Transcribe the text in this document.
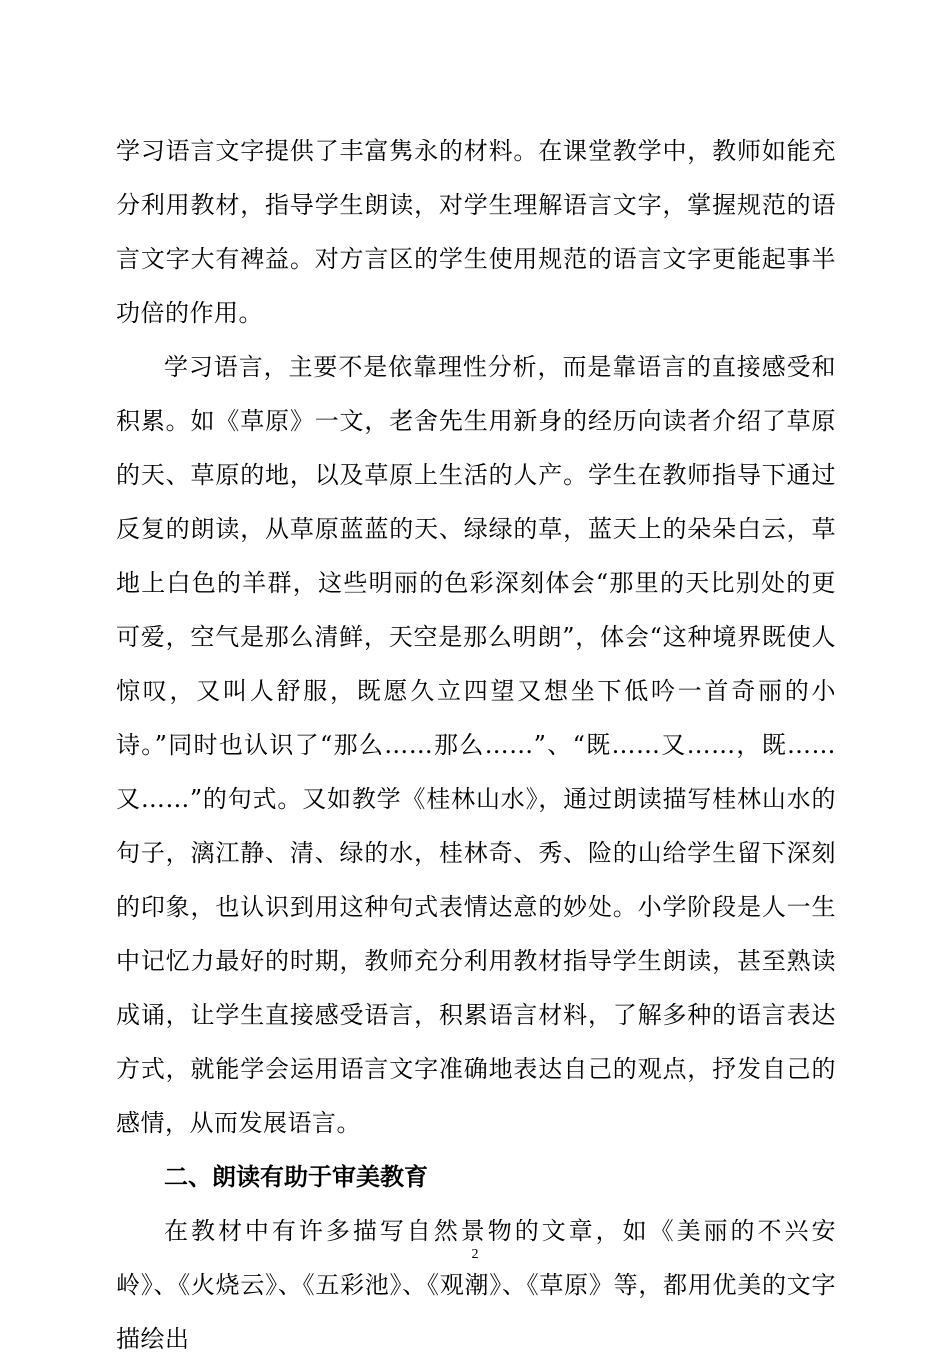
学习语言文字提供了丰富隽永的材料。在课堂教学中，教师如能充分利用教材，指导学生朗读，对学生理解语言文字，掌握规范的语言文字大有裨益。对方言区的学生使用规范的语言文字更能起事半功倍的作用。

学习语言，主要不是依靠理性分析，而是靠语言的直接感受和积累。如《草原》一文，老舍先生用新身的经历向读者介绍了草原的天、草原的地，以及草原上生活的人产。学生在教师指导下通过反复的朗读，从草原蓝蓝的天、绿绿的草，蓝天上的朵朵白云，草地上白色的羊群，这些明丽的色彩深刻体会“那里的天比别处的更可爱，空气是那么清鲜，天空是那么明朗”，体会“这种境界既使人惊叹，又叫人舒服，既愿久立四望又想坐下低吟一首奇丽的小诗。”同时也认识了“那么……那么……”、“既……又……，既……又……”的句式。又如教学《桂林山水》，通过朗读描写桂林山水的句子，漓江静、清、绿的水，桂林奇、秀、险的山给学生留下深刻的印象，也认识到用这种句式表情达意的妙处。小学阶段是人一生中记忆力最好的时期，教师充分利用教材指导学生朗读，甚至熟读成诵，让学生直接感受语言，积累语言材料，了解多种的语言表达方式，就能学会运用语言文字准确地表达自己的观点，抒发自己的感情，从而发展语言。

二、朗读有助于审美教育

在教材中有许多描写自然景物的文章，如《美丽的不兴安岭》、《火烧云》、《五彩池》、《观潮》、《草原》等，都用优美的文字描绘出

2
